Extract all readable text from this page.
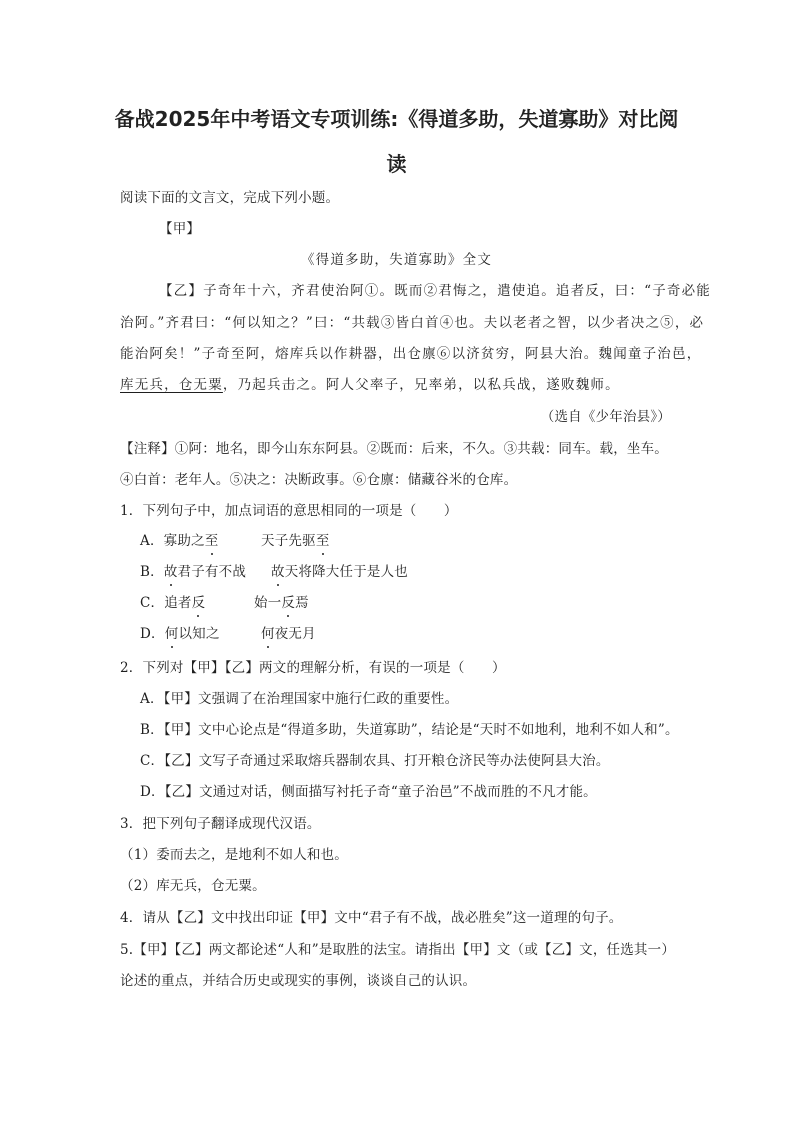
备战2025年中考语文专项训练:《得道多助，失道寡助》对比阅
读
阅读下面的文言文，完成下列小题。
【甲】
《得道多助，失道寡助》全文
【乙】子奇年十六，齐君使治阿①。既而②君悔之，遣使追。追者反，曰：“子奇必能
治阿。”齐君曰：“何以知之？”曰：“共载③皆白首④也。夫以老者之智，以少者决之⑤，必
能治阿矣！”子奇至阿，熔库兵以作耕器，出仓廪⑥以济贫穷，阿县大治。魏闻童子治邑，
库无兵，仓无粟，乃起兵击之。阿人父率子，兄率弟，以私兵战，遂败魏师。
（选自《少年治县》）
【注释】①阿：地名，即今山东东阿县。②既而：后来，不久。③共载：同车。载，坐车。
④白首：老年人。⑤决之：决断政事。⑥仓廪：储藏谷米的仓库。
1．下列句子中，加点词语的意思相同的一项是（　　）
A．寡助之至	天子先驱至
B．故君子有不战 故天将降大任于是人也
C．追者反	始一反焉
D．何以知之	何夜无月
2．下列对【甲】【乙】两文的理解分析，有误的一项是（　　）
A．【甲】文强调了在治理国家中施行仁政的重要性。
B．【甲】文中心论点是“得道多助，失道寡助”，结论是“天时不如地利，地利不如人和”。
C．【乙】文写子奇通过采取熔兵器制农具、打开粮仓济民等办法使阿县大治。
D．【乙】文通过对话，侧面描写衬托子奇“童子治邑”不战而胜的不凡才能。
3．把下列句子翻译成现代汉语。
（1）委而去之，是地利不如人和也。
（2）库无兵，仓无粟。
4．请从【乙】文中找出印证【甲】文中“君子有不战，战必胜矣”这一道理的句子。
5.【甲】【乙】两文都论述“人和”是取胜的法宝。请指出【甲】文（或【乙】文，任选其一）
论述的重点，并结合历史或现实的事例，谈谈自己的认识。
